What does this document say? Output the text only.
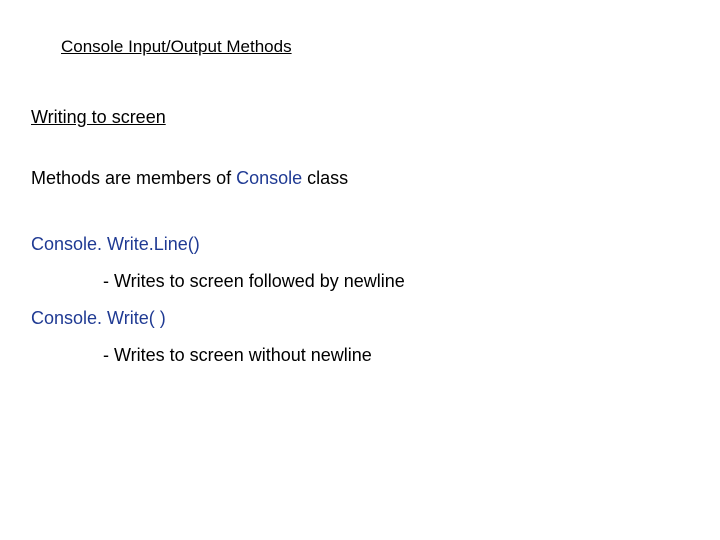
Console Input/Output Methods
Writing to screen
Methods are members of Console class
Console. Write.Line()
- Writes to screen followed by newline
Console. Write( )
- Writes to screen without newline
